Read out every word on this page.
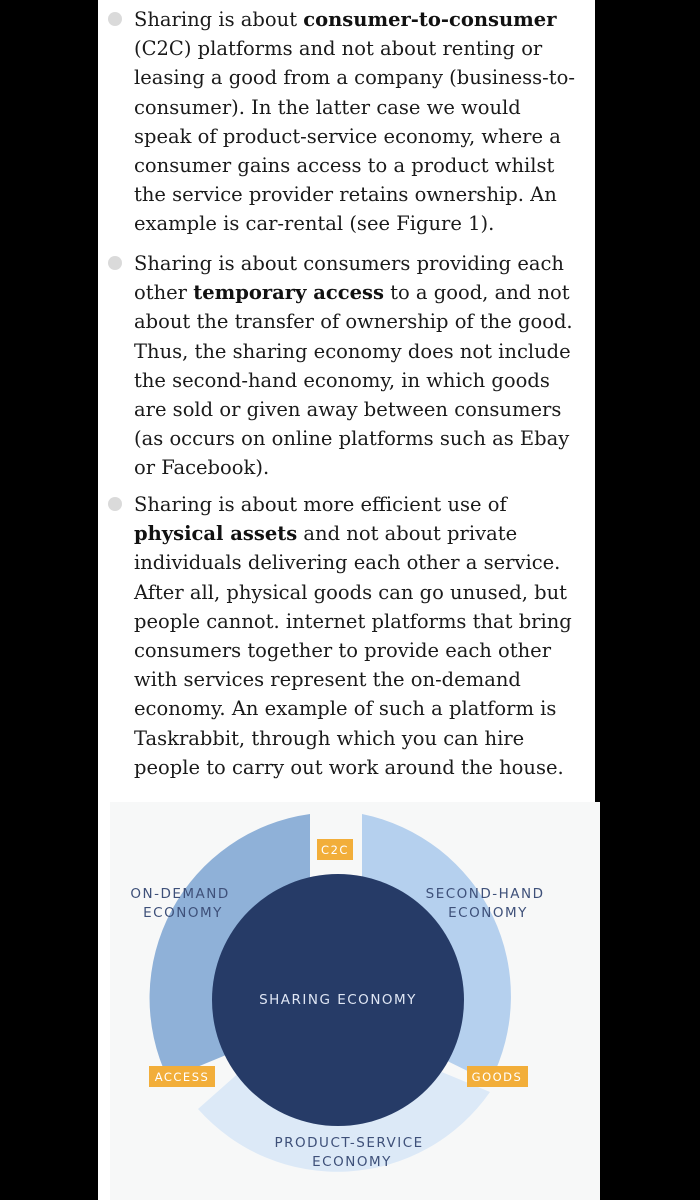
Sharing is about consumer-to-consumer (C2C) platforms and not about renting or leasing a good from a company (business-to-consumer). In the latter case we would speak of product-service economy, where a consumer gains access to a product whilst the service provider retains ownership. An example is car-rental (see Figure 1).

Sharing is about consumers providing each other temporary access to a good, and not about the transfer of ownership of the good. Thus, the sharing economy does not include the second-hand economy, in which goods are sold or given away between consumers (as occurs on online platforms such as Ebay or Facebook).

Sharing is about more efficient use of physical assets and not about private individuals delivering each other a service. After all, physical goods can go unused, but people cannot. internet platforms that bring consumers together to provide each other with services represent the on-demand economy. An example of such a platform is Taskrabbit, through which you can hire people to carry out work around the house.

ON-DEMAND ECONOMY
SECOND-HAND ECONOMY
PRODUCT-SERVICE ECONOMY
SHARING ECONOMY
C2C
ACCESS	GOODS
